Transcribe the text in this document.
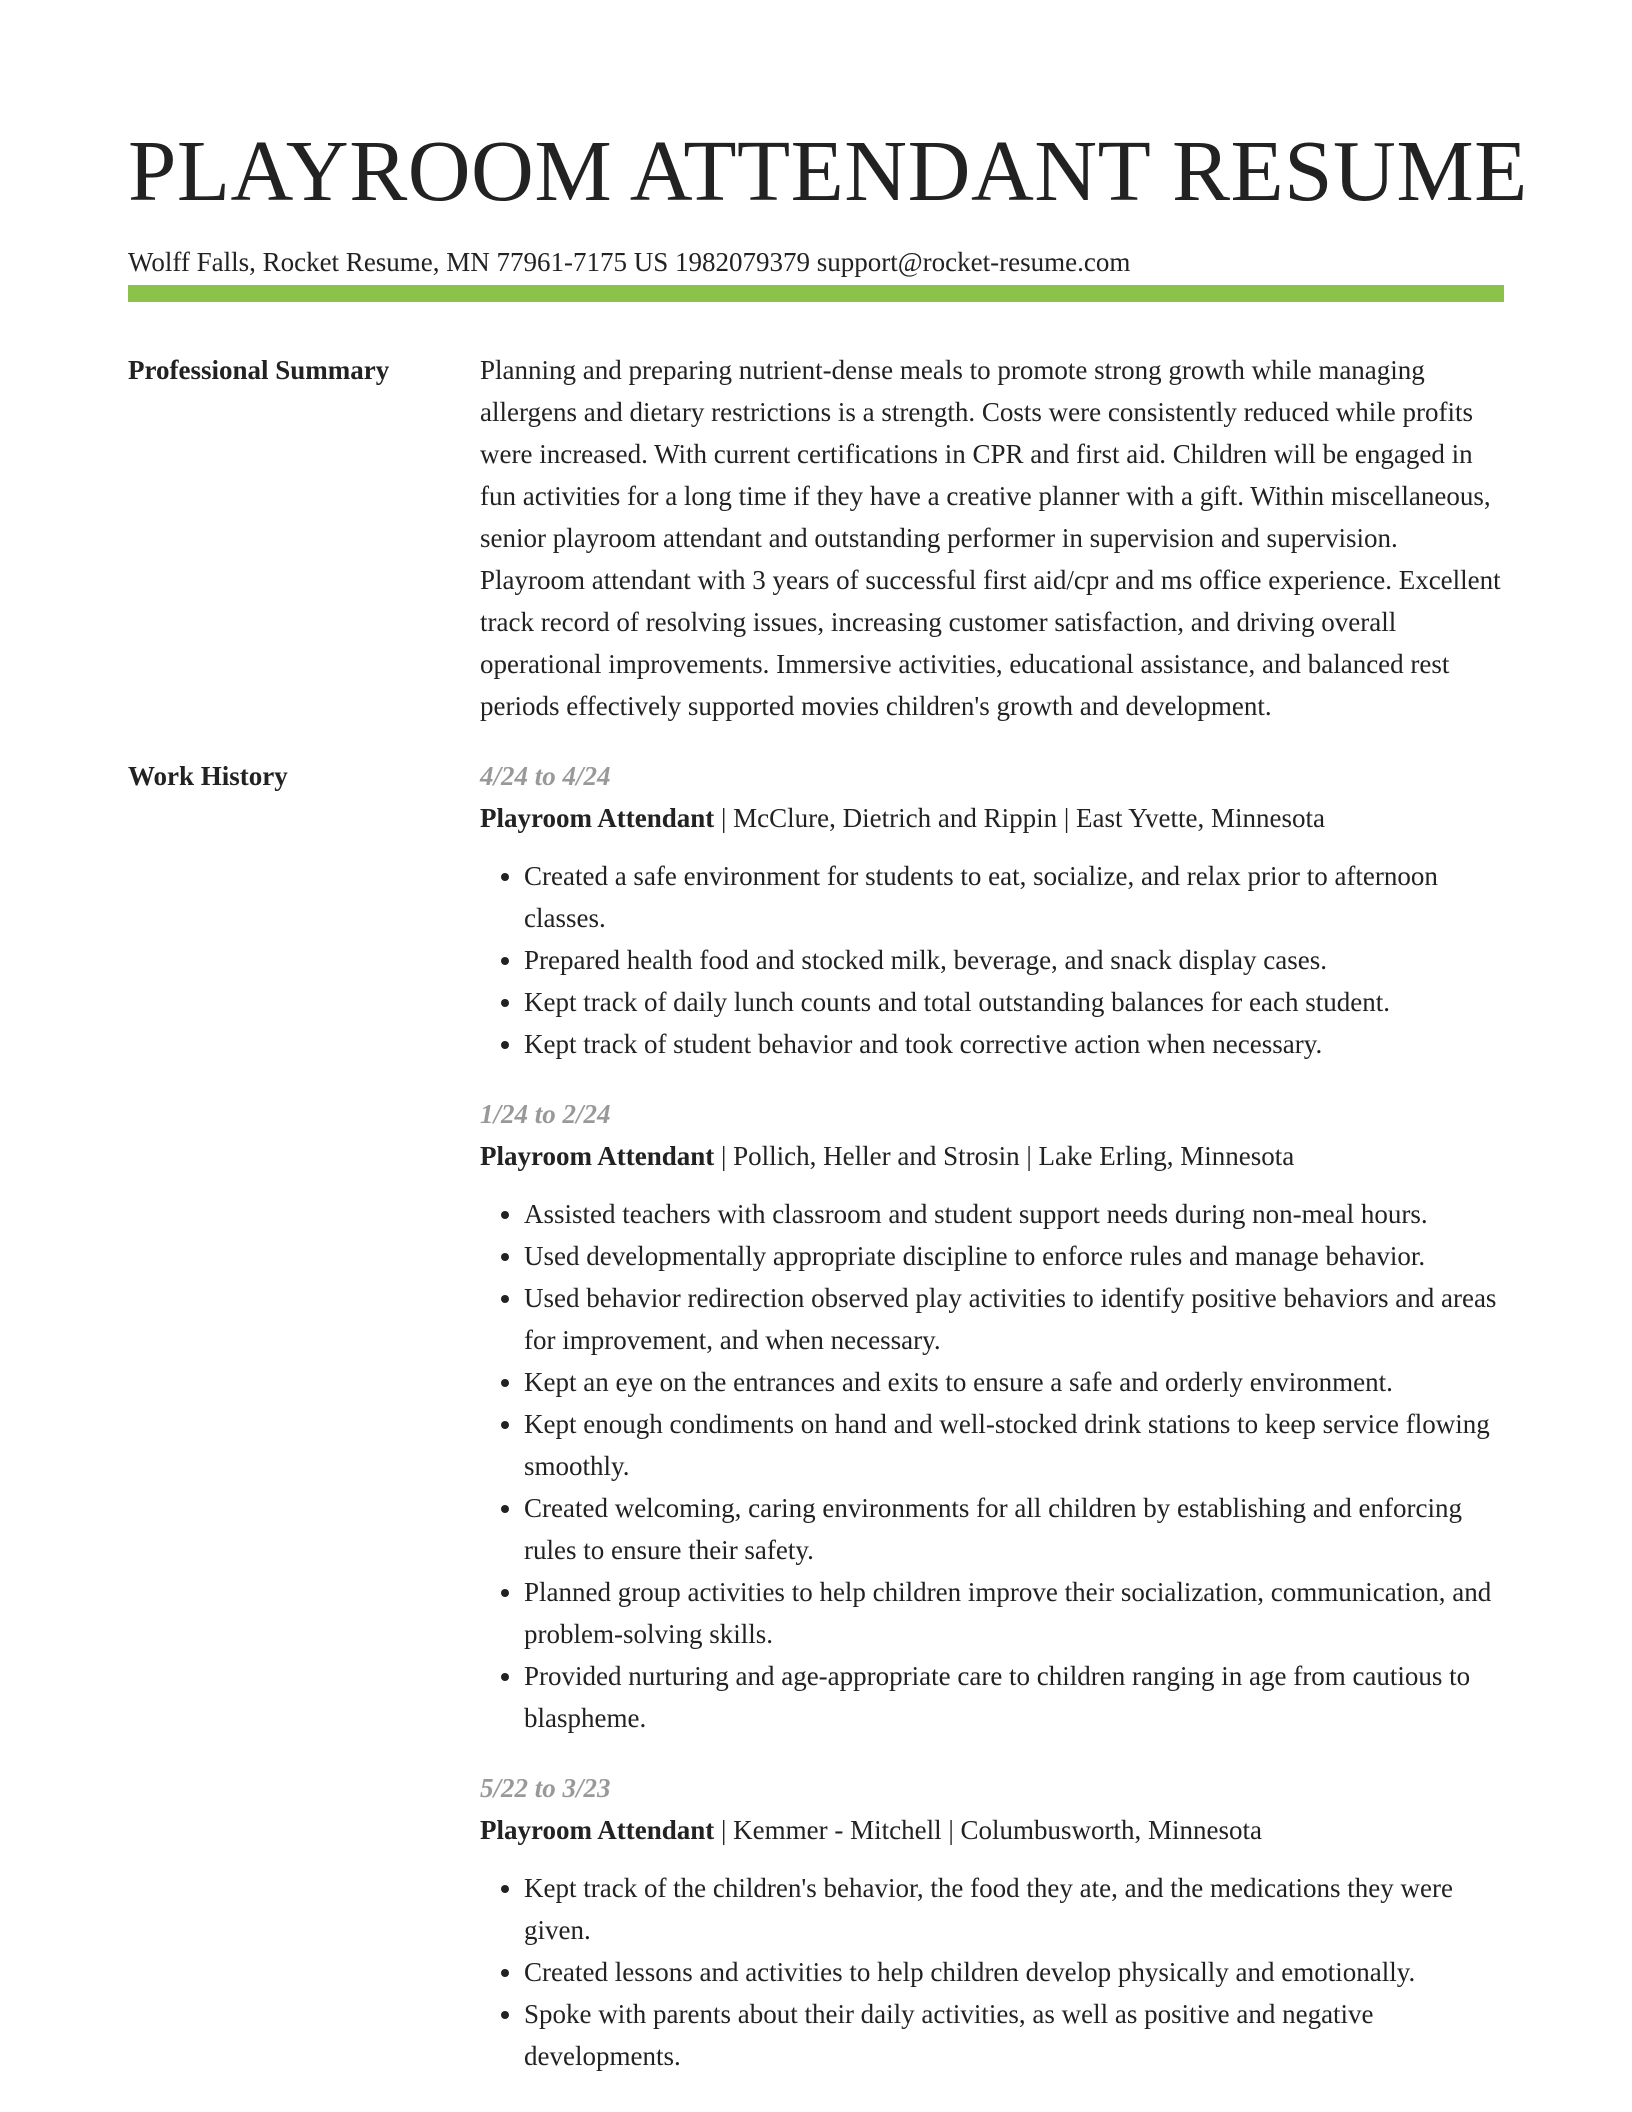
PLAYROOM ATTENDANT RESUME
Wolff Falls, Rocket Resume, MN 77961-7175 US 1982079379 support@rocket-resume.com
Professional Summary	Planning and preparing nutrient-dense meals to promote strong growth while managing allergens and dietary restrictions is a strength. Costs were consistently reduced while profits were increased. With current certifications in CPR and first aid. Children will be engaged in fun activities for a long time if they have a creative planner with a gift. Within miscellaneous, senior playroom attendant and outstanding performer in supervision and supervision. Playroom attendant with 3 years of successful first aid/cpr and ms office experience. Excellent track record of resolving issues, increasing customer satisfaction, and driving overall operational improvements. Immersive activities, educational assistance, and balanced rest periods effectively supported movies children's growth and development.

Work History	4/24 to 4/24
Playroom Attendant | McClure, Dietrich and Rippin | East Yvette, Minnesota
• Created a safe environment for students to eat, socialize, and relax prior to afternoon classes.
• Prepared health food and stocked milk, beverage, and snack display cases.
• Kept track of daily lunch counts and total outstanding balances for each student.
• Kept track of student behavior and took corrective action when necessary.
1/24 to 2/24
Playroom Attendant | Pollich, Heller and Strosin | Lake Erling, Minnesota
• Assisted teachers with classroom and student support needs during non-meal hours.
• Used developmentally appropriate discipline to enforce rules and manage behavior.
• Used behavior redirection observed play activities to identify positive behaviors and areas for improvement, and when necessary.
• Kept an eye on the entrances and exits to ensure a safe and orderly environment.
• Kept enough condiments on hand and well-stocked drink stations to keep service flowing smoothly.
• Created welcoming, caring environments for all children by establishing and enforcing rules to ensure their safety.
• Planned group activities to help children improve their socialization, communication, and problem-solving skills.
• Provided nurturing and age-appropriate care to children ranging in age from cautious to blaspheme.
5/22 to 3/23
Playroom Attendant | Kemmer - Mitchell | Columbusworth, Minnesota
• Kept track of the children's behavior, the food they ate, and the medications they were given.
• Created lessons and activities to help children develop physically and emotionally.
• Spoke with parents about their daily activities, as well as positive and negative developments.
